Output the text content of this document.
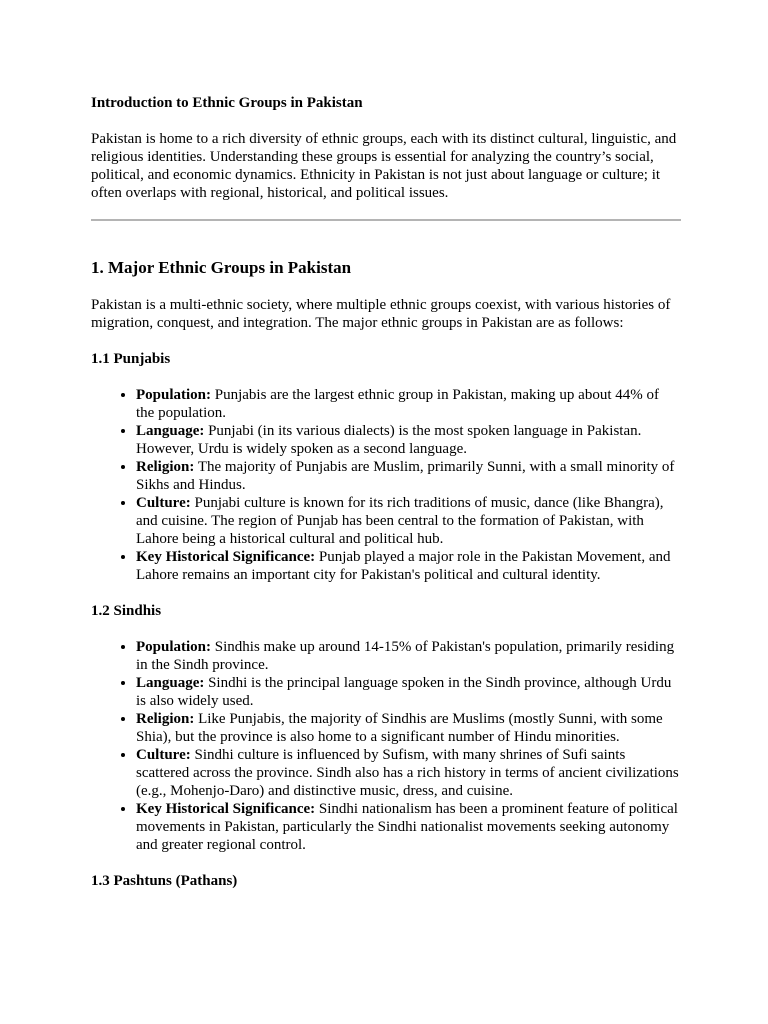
Introduction to Ethnic Groups in Pakistan

Pakistan is home to a rich diversity of ethnic groups, each with its distinct cultural, linguistic, and religious identities. Understanding these groups is essential for analyzing the country’s social, political, and economic dynamics. Ethnicity in Pakistan is not just about language or culture; it often overlaps with regional, historical, and political issues.

1. Major Ethnic Groups in Pakistan

Pakistan is a multi-ethnic society, where multiple ethnic groups coexist, with various histories of migration, conquest, and integration. The major ethnic groups in Pakistan are as follows:

1.1 Punjabis
• Population: Punjabis are the largest ethnic group in Pakistan, making up about 44% of the population.
• Language: Punjabi (in its various dialects) is the most spoken language in Pakistan. However, Urdu is widely spoken as a second language.
• Religion: The majority of Punjabis are Muslim, primarily Sunni, with a small minority of Sikhs and Hindus.
• Culture: Punjabi culture is known for its rich traditions of music, dance (like Bhangra), and cuisine. The region of Punjab has been central to the formation of Pakistan, with Lahore being a historical cultural and political hub.
• Key Historical Significance: Punjab played a major role in the Pakistan Movement, and Lahore remains an important city for Pakistan's political and cultural identity.
1.2 Sindhis
• Population: Sindhis make up around 14-15% of Pakistan's population, primarily residing in the Sindh province.
• Language: Sindhi is the principal language spoken in the Sindh province, although Urdu is also widely used.
• Religion: Like Punjabis, the majority of Sindhis are Muslims (mostly Sunni, with some Shia), but the province is also home to a significant number of Hindu minorities.
• Culture: Sindhi culture is influenced by Sufism, with many shrines of Sufi saints scattered across the province. Sindh also has a rich history in terms of ancient civilizations (e.g., Mohenjo-Daro) and distinctive music, dress, and cuisine.
• Key Historical Significance: Sindhi nationalism has been a prominent feature of political movements in Pakistan, particularly the Sindhi nationalist movements seeking autonomy and greater regional control.
1.3 Pashtuns (Pathans)
